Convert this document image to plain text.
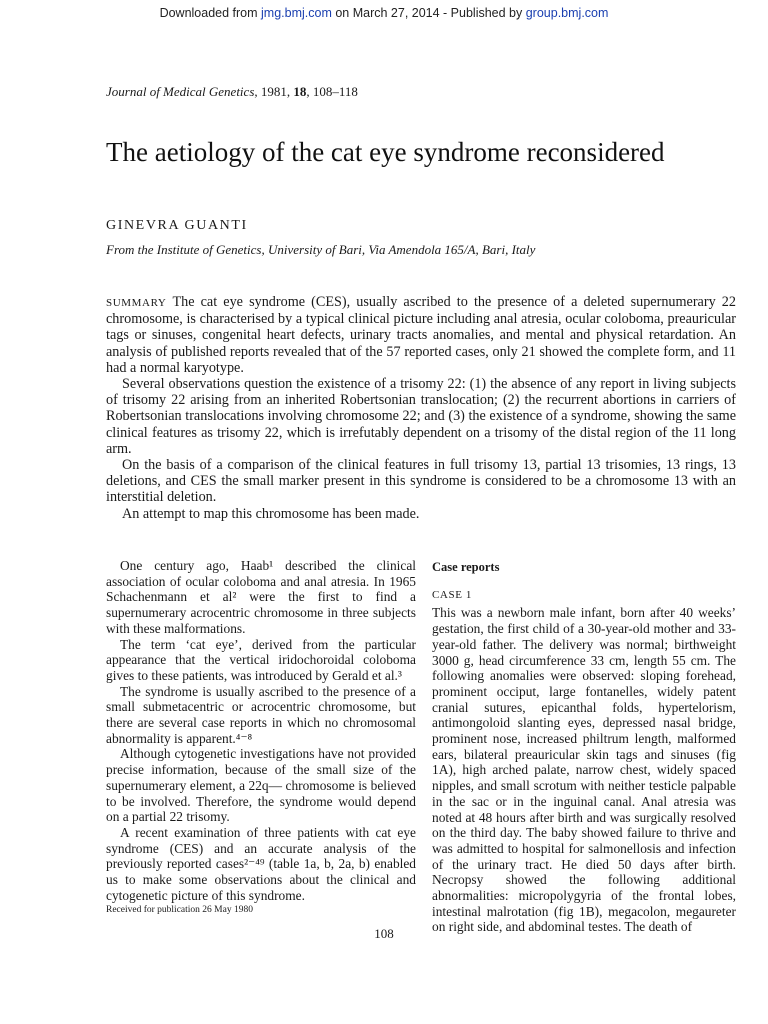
Downloaded from jmg.bmj.com on March 27, 2014 - Published by group.bmj.com
Journal of Medical Genetics, 1981, 18, 108–118
The aetiology of the cat eye syndrome reconsidered
GINEVRA GUANTI
From the Institute of Genetics, University of Bari, Via Amendola 165/A, Bari, Italy

SUMMARY The cat eye syndrome (CES), usually ascribed to the presence of a deleted supernumerary 22 chromosome, is characterised by a typical clinical picture including anal atresia, ocular coloboma, preauricular tags or sinuses, congenital heart defects, urinary tracts anomalies, and mental and physical retardation. An analysis of published reports revealed that of the 57 reported cases, only 21 showed the complete form, and 11 had a normal karyotype.

Several observations question the existence of a trisomy 22: (1) the absence of any report in living subjects of trisomy 22 arising from an inherited Robertsonian translocation; (2) the recurrent abortions in carriers of Robertsonian translocations involving chromosome 22; and (3) the existence of a syndrome, showing the same clinical features as trisomy 22, which is irrefutably dependent on a trisomy of the distal region of the 11 long arm.

On the basis of a comparison of the clinical features in full trisomy 13, partial 13 trisomies, 13 rings, 13 deletions, and CES the small marker present in this syndrome is considered to be a chromosome 13 with an interstitial deletion.

An attempt to map this chromosome has been made.

One century ago, Haab¹ described the clinical association of ocular coloboma and anal atresia. In 1965 Schachenmann et al² were the first to find a supernumerary acrocentric chromosome in three subjects with these malformations.

The term ‘cat eye’, derived from the particular appearance that the vertical iridochoroidal coloboma gives to these patients, was introduced by Gerald et al.³

The syndrome is usually ascribed to the presence of a small submetacentric or acrocentric chromosome, but there are several case reports in which no chromosomal abnormality is apparent.⁴⁻⁸

Although cytogenetic investigations have not provided precise information, because of the small size of the supernumerary element, a 22q— chromosome is believed to be involved. Therefore, the syndrome would depend on a partial 22 trisomy.

A recent examination of three patients with cat eye syndrome (CES) and an accurate analysis of the previously reported cases²⁻⁴⁹ (table 1a, b, 2a, b) enabled us to make some observations about the clinical and cytogenetic picture of this syndrome.

Received for publication 26 May 1980

Case reports
CASE 1

This was a newborn male infant, born after 40 weeks’ gestation, the first child of a 30-year-old mother and 33-year-old father. The delivery was normal; birthweight 3000 g, head circumference 33 cm, length 55 cm. The following anomalies were observed: sloping forehead, prominent occiput, large fontanelles, widely patent cranial sutures, epicanthal folds, hypertelorism, antimongoloid slanting eyes, depressed nasal bridge, prominent nose, increased philtrum length, malformed ears, bilateral preauricular skin tags and sinuses (fig 1A), high arched palate, narrow chest, widely spaced nipples, and small scrotum with neither testicle palpable in the sac or in the inguinal canal. Anal atresia was noted at 48 hours after birth and was surgically resolved on the third day. The baby showed failure to thrive and was admitted to hospital for salmonellosis and infection of the urinary tract. He died 50 days after birth. Necropsy showed the following additional abnormalities: micropolygyria of the frontal lobes, intestinal malrotation (fig 1B), megacolon, megaureter on right side, and abdominal testes. The death of

108
